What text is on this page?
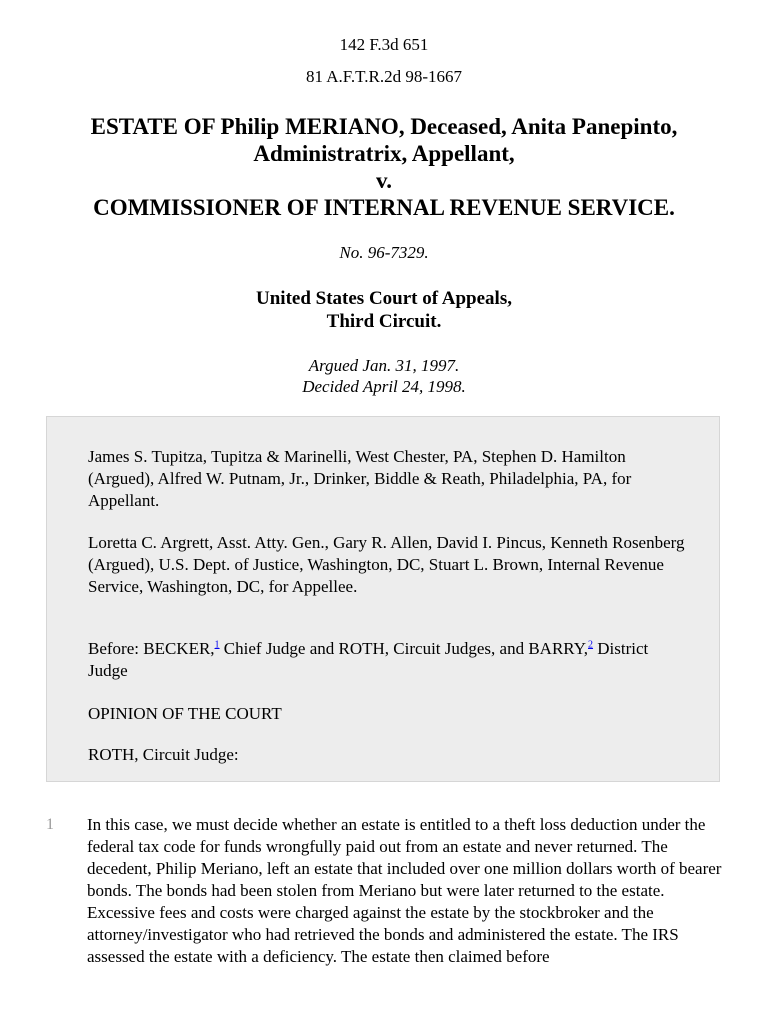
142 F.3d 651
81 A.F.T.R.2d 98-1667
ESTATE OF Philip MERIANO, Deceased, Anita Panepinto,
Administratrix, Appellant,
v.
COMMISSIONER OF INTERNAL REVENUE SERVICE.
No. 96-7329.
United States Court of Appeals,
Third Circuit.
Argued Jan. 31, 1997.
Decided April 24, 1998.

James S. Tupitza, Tupitza & Marinelli, West Chester, PA, Stephen D. Hamilton (Argued), Alfred W. Putnam, Jr., Drinker, Biddle & Reath, Philadelphia, PA, for Appellant.

Loretta C. Argrett, Asst. Atty. Gen., Gary R. Allen, David I. Pincus, Kenneth Rosenberg (Argued), U.S. Dept. of Justice, Washington, DC, Stuart L. Brown, Internal Revenue Service, Washington, DC, for Appellee.

Before: BECKER,$^1$ Chief Judge and ROTH, Circuit Judges, and BARRY,$^2$ District Judge

OPINION OF THE COURT

ROTH, Circuit Judge:

1 In this case, we must decide whether an estate is entitled to a theft loss deduction under the federal tax code for funds wrongfully paid out from an estate and never returned. The decedent, Philip Meriano, left an estate that included over one million dollars worth of bearer bonds. The bonds had been stolen from Meriano but were later returned to the estate. Excessive fees and costs were charged against the estate by the stockbroker and the attorney/investigator who had retrieved the bonds and administered the estate. The IRS assessed the estate with a deficiency. The estate then claimed before
